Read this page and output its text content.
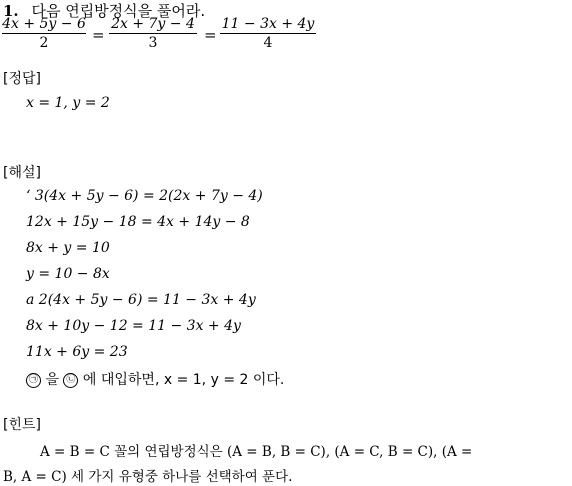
1. 다음 연립방정식을 풀어라.
4x + 5y − 6
2	=
2x + 7y − 4
3	=
11 − 3x + 4y
4
[정답]
x = 1, y = 2
[해설]
‘ 3(4x + 5y − 6) = 2(2x + 7y − 4)
12x + 15y − 18 = 4x + 14y − 8
8x + y = 10
y = 10 − 8x
a 2(4x + 5y − 6) = 11 − 3x + 4y
8x + 10y − 12 = 11 − 3x + 4y
11x + 6y = 23
㉠ 을 ㉡ 에 대입하면, x = 1, y = 2 이다.
[힌트]
A = B = C 꼴의 연립방정식은 (A = B, B = C), (A = C, B = C), (A =
B, A = C) 세 가지 유형중 하나를 선택하여 푼다.
